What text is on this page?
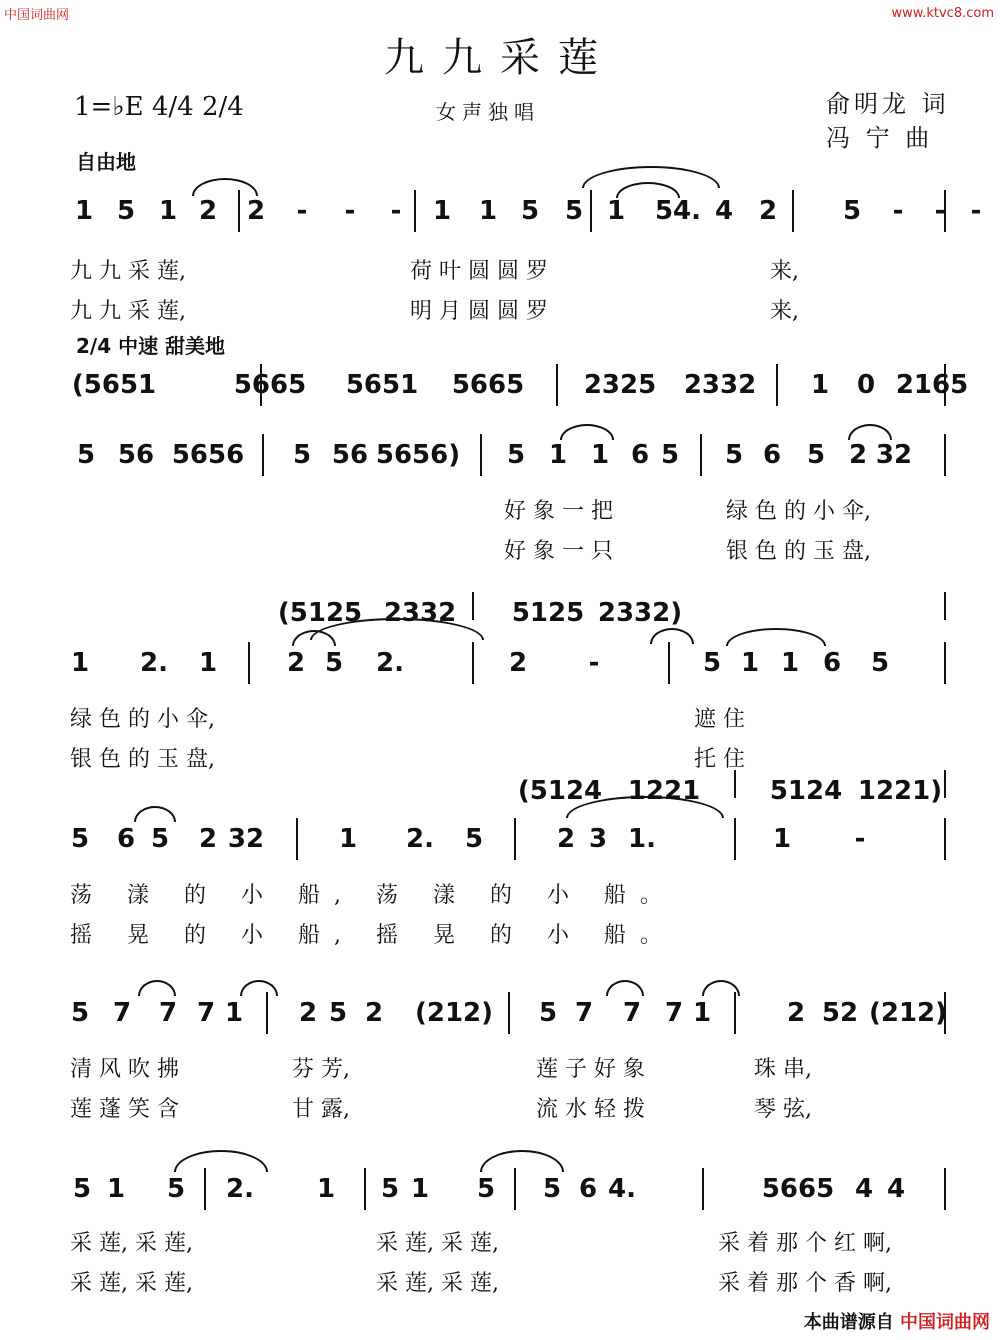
中国词曲网	www.ktvc8.com
九九采莲
1=♭E 4/4 2/4	女声独唱	俞明龙 词
冯 宁 曲
自由地
1 5 1 2 2 - - - 1 1 5 5 1 54. 4 2	5 - - -
九 九 采 莲,	荷 叶 圆 圆 罗	来,
九 九 采 莲,	明 月 圆 圆 罗	来,
2/4 中速 甜美地
(5651	5665 5651 5665 2325 2332 1 0 2165
5 56 5656 5 56 5656) 5 1 1 6 5 5 6 5 2 32
好 象 一 把	绿 色 的 小 伞,
好 象 一 只	银 色 的 玉 盘,
(5125 2332 5125 2332)
1 2. 1	2 5 2.	2 -	5 1 1 6 5
绿 色 的 小 伞,	遮 住
银 色 的 玉 盘,	托 住
(5124 1221	5124 1221)
5 6 5 2 32	1 2. 5	2 3 1.	1 -
荡 漾 的 小 船, 荡 漾 的 小 船。
摇 晃 的 小 船, 摇 晃 的 小 船。
5 7 7 7 1 2 5 2 (212) 5 7 7 7 1	2 52 (212)
清 风 吹 拂	芬 芳,	莲 子 好 象	珠 串,
莲 蓬 笑 含	甘 露,	流 水 轻 拨	琴 弦,
5 1 5 2. 1 5 1 5 5 6 4.	5665 4 4
采 莲, 采 莲,	采 莲, 采 莲,	采 着 那 个 红 啊,
采 莲, 采 莲,	采 莲, 采 莲,	采 着 那 个 香 啊,
本曲谱源自 中国词曲网
